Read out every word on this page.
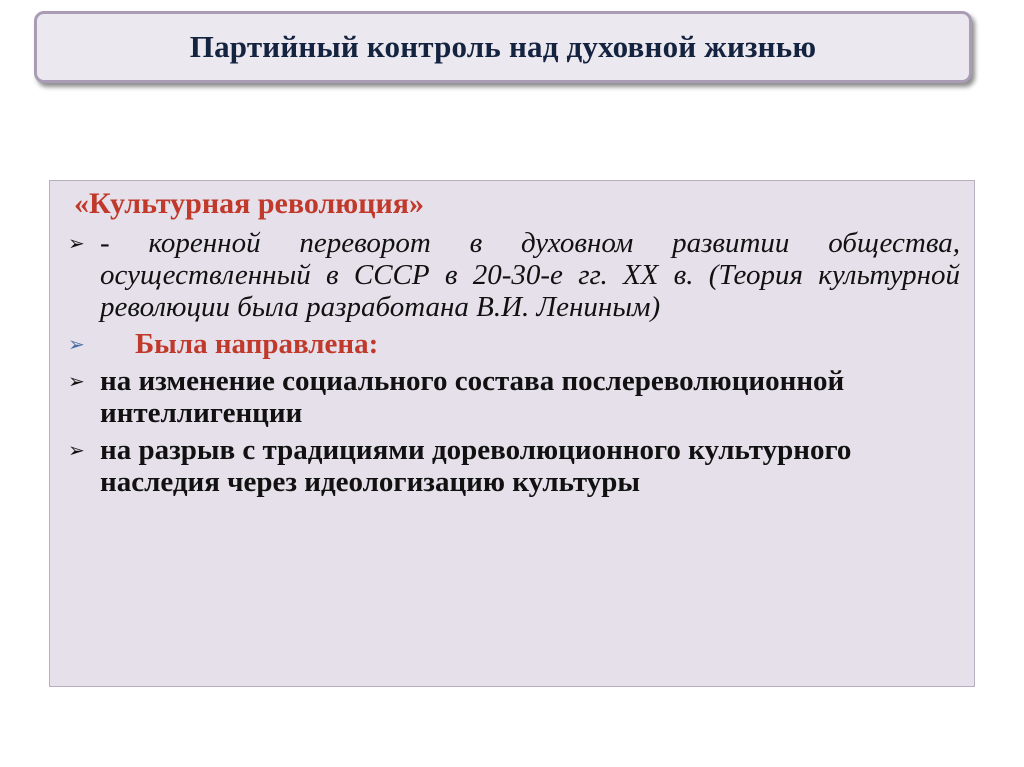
Партийный контроль над духовной жизнью
«Культурная революция»
➢ - коренной переворот в духовном развитии общества, осуществленный в СССР в 20-30-е гг. XX в. (Теория культурной революции была разработана В.И. Лениным)
➢	Была направлена:
➢ на изменение социального состава послереволюционной интеллигенции
➢ на разрыв с традициями дореволюционного культурного наследия через идеологизацию культуры
